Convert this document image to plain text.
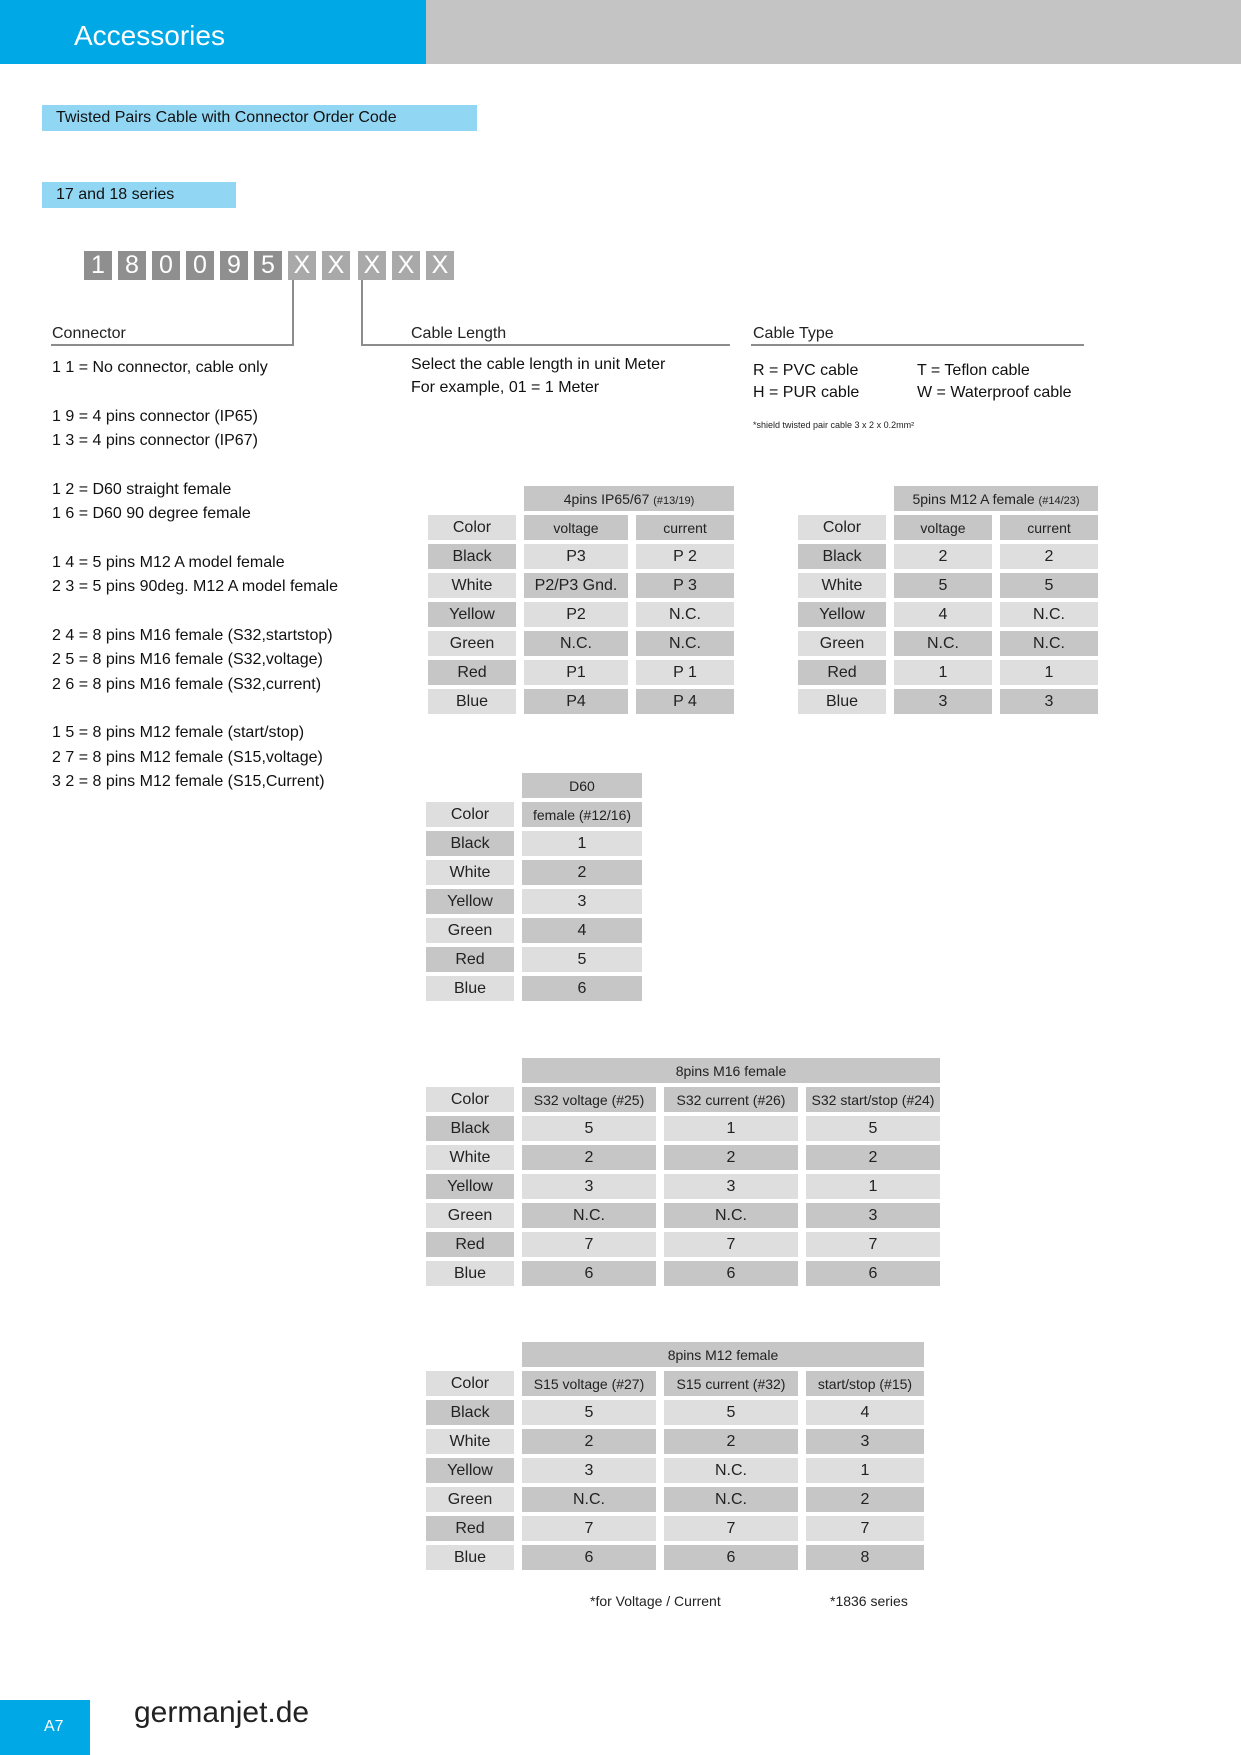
Accessories
Twisted Pairs Cable with Connector Order Code
17 and 18 series
1 8 0 0 9 5 X X X X X
Connector	Cable Length	Cable Type
1 1 = No connector, cable only
1 9 = 4 pins connector (IP65)
1 3 = 4 pins connector (IP67)
1 2 = D60 straight female
1 6 = D60 90 degree female
1 4 = 5 pins M12 A model female
2 3 = 5 pins 90deg. M12 A model female
2 4 = 8 pins M16 female (S32,startstop)
2 5 = 8 pins M16 female (S32,voltage)
2 6 = 8 pins M16 female (S32,current)
1 5 = 8 pins M12 female (start/stop)
2 7 = 8 pins M12 female (S15,voltage)
3 2 = 8 pins M12 female (S15,Current)
Select the cable length in unit Meter
For example, 01 = 1 Meter
R = PVC cable	T = Teflon cable
H = PUR cable	W = Waterproof cable
*shield twisted pair cable 3 x 2 x 0.2mm²
	4pins IP65/67 (#13/19)	
Color	voltage	current
Black	P3	P 2
White	P2/P3 Gnd.	P 3
Yellow	P2	N.C.
Green	N.C.	N.C.
Red	P1	P 1
Blue	P4	P 4
	5pins M12 A female (#14/23)	
Color	voltage	current
Black	2	2
White	5	5
Yellow	4	N.C.
Green	N.C.	N.C.
Red	1	1
Blue	3	3
	D60
Color	female (#12/16)
Black	1
White	2
Yellow	3
Green	4
Red	5
Blue	6
	8pins M16 female		
Color	S32 voltage (#25)	S32 current (#26)	S32 start/stop (#24)
Black	5	1	5
White	2	2	2
Yellow	3	3	1
Green	N.C.	N.C.	3
Red	7	7	7
Blue	6	6	6
	8pins M12 female		
Color	S15 voltage (#27)	S15 current (#32)	start/stop (#15)
Black	5	5	4
White	2	2	3
Yellow	3	N.C.	1
Green	N.C.	N.C.	2
Red	7	7	7
Blue	6	6	8
*for Voltage / Current	*1836 series
A7 germanjet.de
